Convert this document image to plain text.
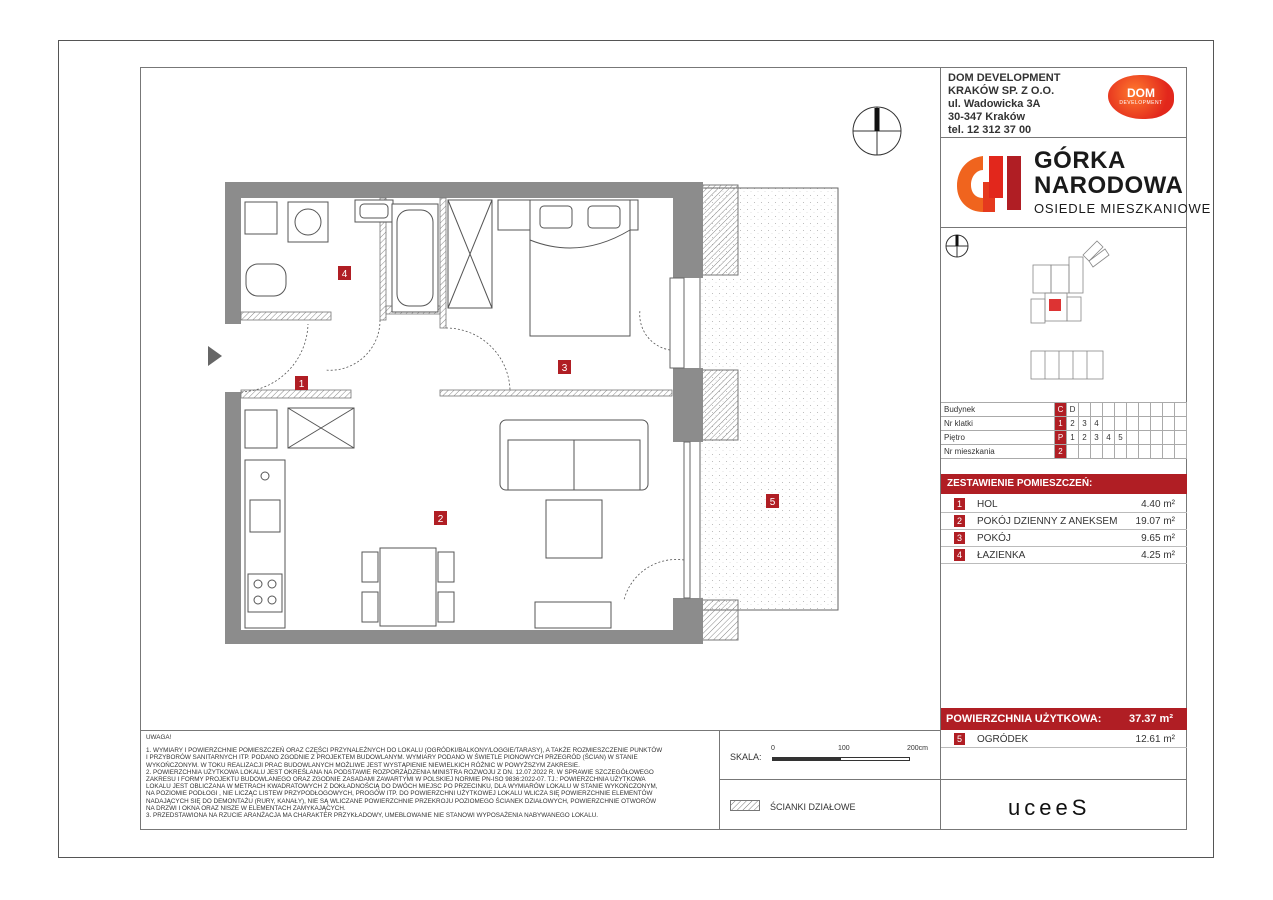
DOM DEVELOPMENT
KRAKÓW SP. Z O.O.
ul. Wadowicka 3A
30-347 Kraków
tel. 12 312 37 00
DOM
DEVELOPMENT
GÓRKA
NARODOWA
OSIEDLE MIESZKANIOWE
Budynek	C	D									
Nr klatki	1	2	3	4							
Piętro	P	1	2	3	4	5					
Nr mieszkania	2										
ZESTAWIENIE POMIESZCZEŃ:
1	HOL	4.40 m²
2	POKÓJ DZIENNY Z ANEKSEM 19.07 m²
3	POKÓJ	9.65 m²
4	ŁAZIENKA	4.25 m²
POWIERZCHNIA UŻYTKOWA:	37.37 m²
5	OGRÓDEK	12.61 m²
UWAGA!
1. WYMIARY I POWIERZCHNIE POMIESZCZEŃ ORAZ CZĘŚCI PRZYNALEŻNYCH DO LOKALU (OGRÓDKI/BALKONY/LOGGIE/TARASY), A TAKŻE ROZMIESZCZENIE PUNKTÓW
I PRZYBORÓW SANITARNYCH ITP. PODANO ZGODNIE Z PROJEKTEM BUDOWLANYM. WYMIARY PODANO W ŚWIETLE PIONOWYCH PRZEGRÓD (ŚCIAN) W STANIE
WYKOŃCZONYM. W TOKU REALIZACJI PRAC BUDOWLANYCH MOŻLIWE JEST WYSTĄPIENIE NIEWIELKICH RÓŻNIC W POWYŻSZYM ZAKRESIE.
2. POWIERZCHNIA UŻYTKOWA LOKALU JEST OKREŚLANA NA PODSTAWIE ROZPORZĄDZENIA MINISTRA ROZWOJU Z DN. 12.07.2022 R. W SPRAWIE SZCZEGÓŁOWEGO
ZAKRESU I FORMY PROJEKTU BUDOWLANEGO ORAZ ZGODNIE ZASADAMI ZAWARTYMI W POLSKIEJ NORMIE PN-ISO 9836:2022-07. TJ.: POWIERZCHNIA UŻYTKOWA
LOKALU JEST OBLICZANA W METRACH KWADRATOWYCH Z DOKŁADNOŚCIĄ DO DWÓCH MIEJSC PO PRZECINKU, DLA WYMIARÓW LOKALU W STANIE WYKOŃCZONYM,
NA POZIOMIE PODŁOGI , NIE LICZĄC LISTEW PRZYPODŁOGOWYCH, PROGÓW ITP. DO POWIERZCHNI UŻYTKOWEJ LOKALU WLICZA SIĘ POWIERZCHNIE ELEMENTÓW
NADAJĄCYCH SIĘ DO DEMONTAŻU (RURY, KANAŁY), NIE SĄ WLICZANE POWIERZCHNIE PRZEKROJU POZIOMEGO ŚCIANEK DZIAŁOWYCH, POWIERZCHNIE OTWORÓW
NA DRZWI I OKNA ORAZ NISZE W ELEMENTACH ZAMYKAJĄCYCH.
3. PRZEDSTAWIONA NA RZUCIE ARANŻACJA MA CHARAKTER PRZYKŁADOWY, UMEBLOWANIE NIE STANOWI WYPOSAŻENIA NABYWANEGO LOKALU.
SKALA:
0	100	200cm
ŚCIANKI DZIAŁOWE	uceeS
1
2
3
4
5
